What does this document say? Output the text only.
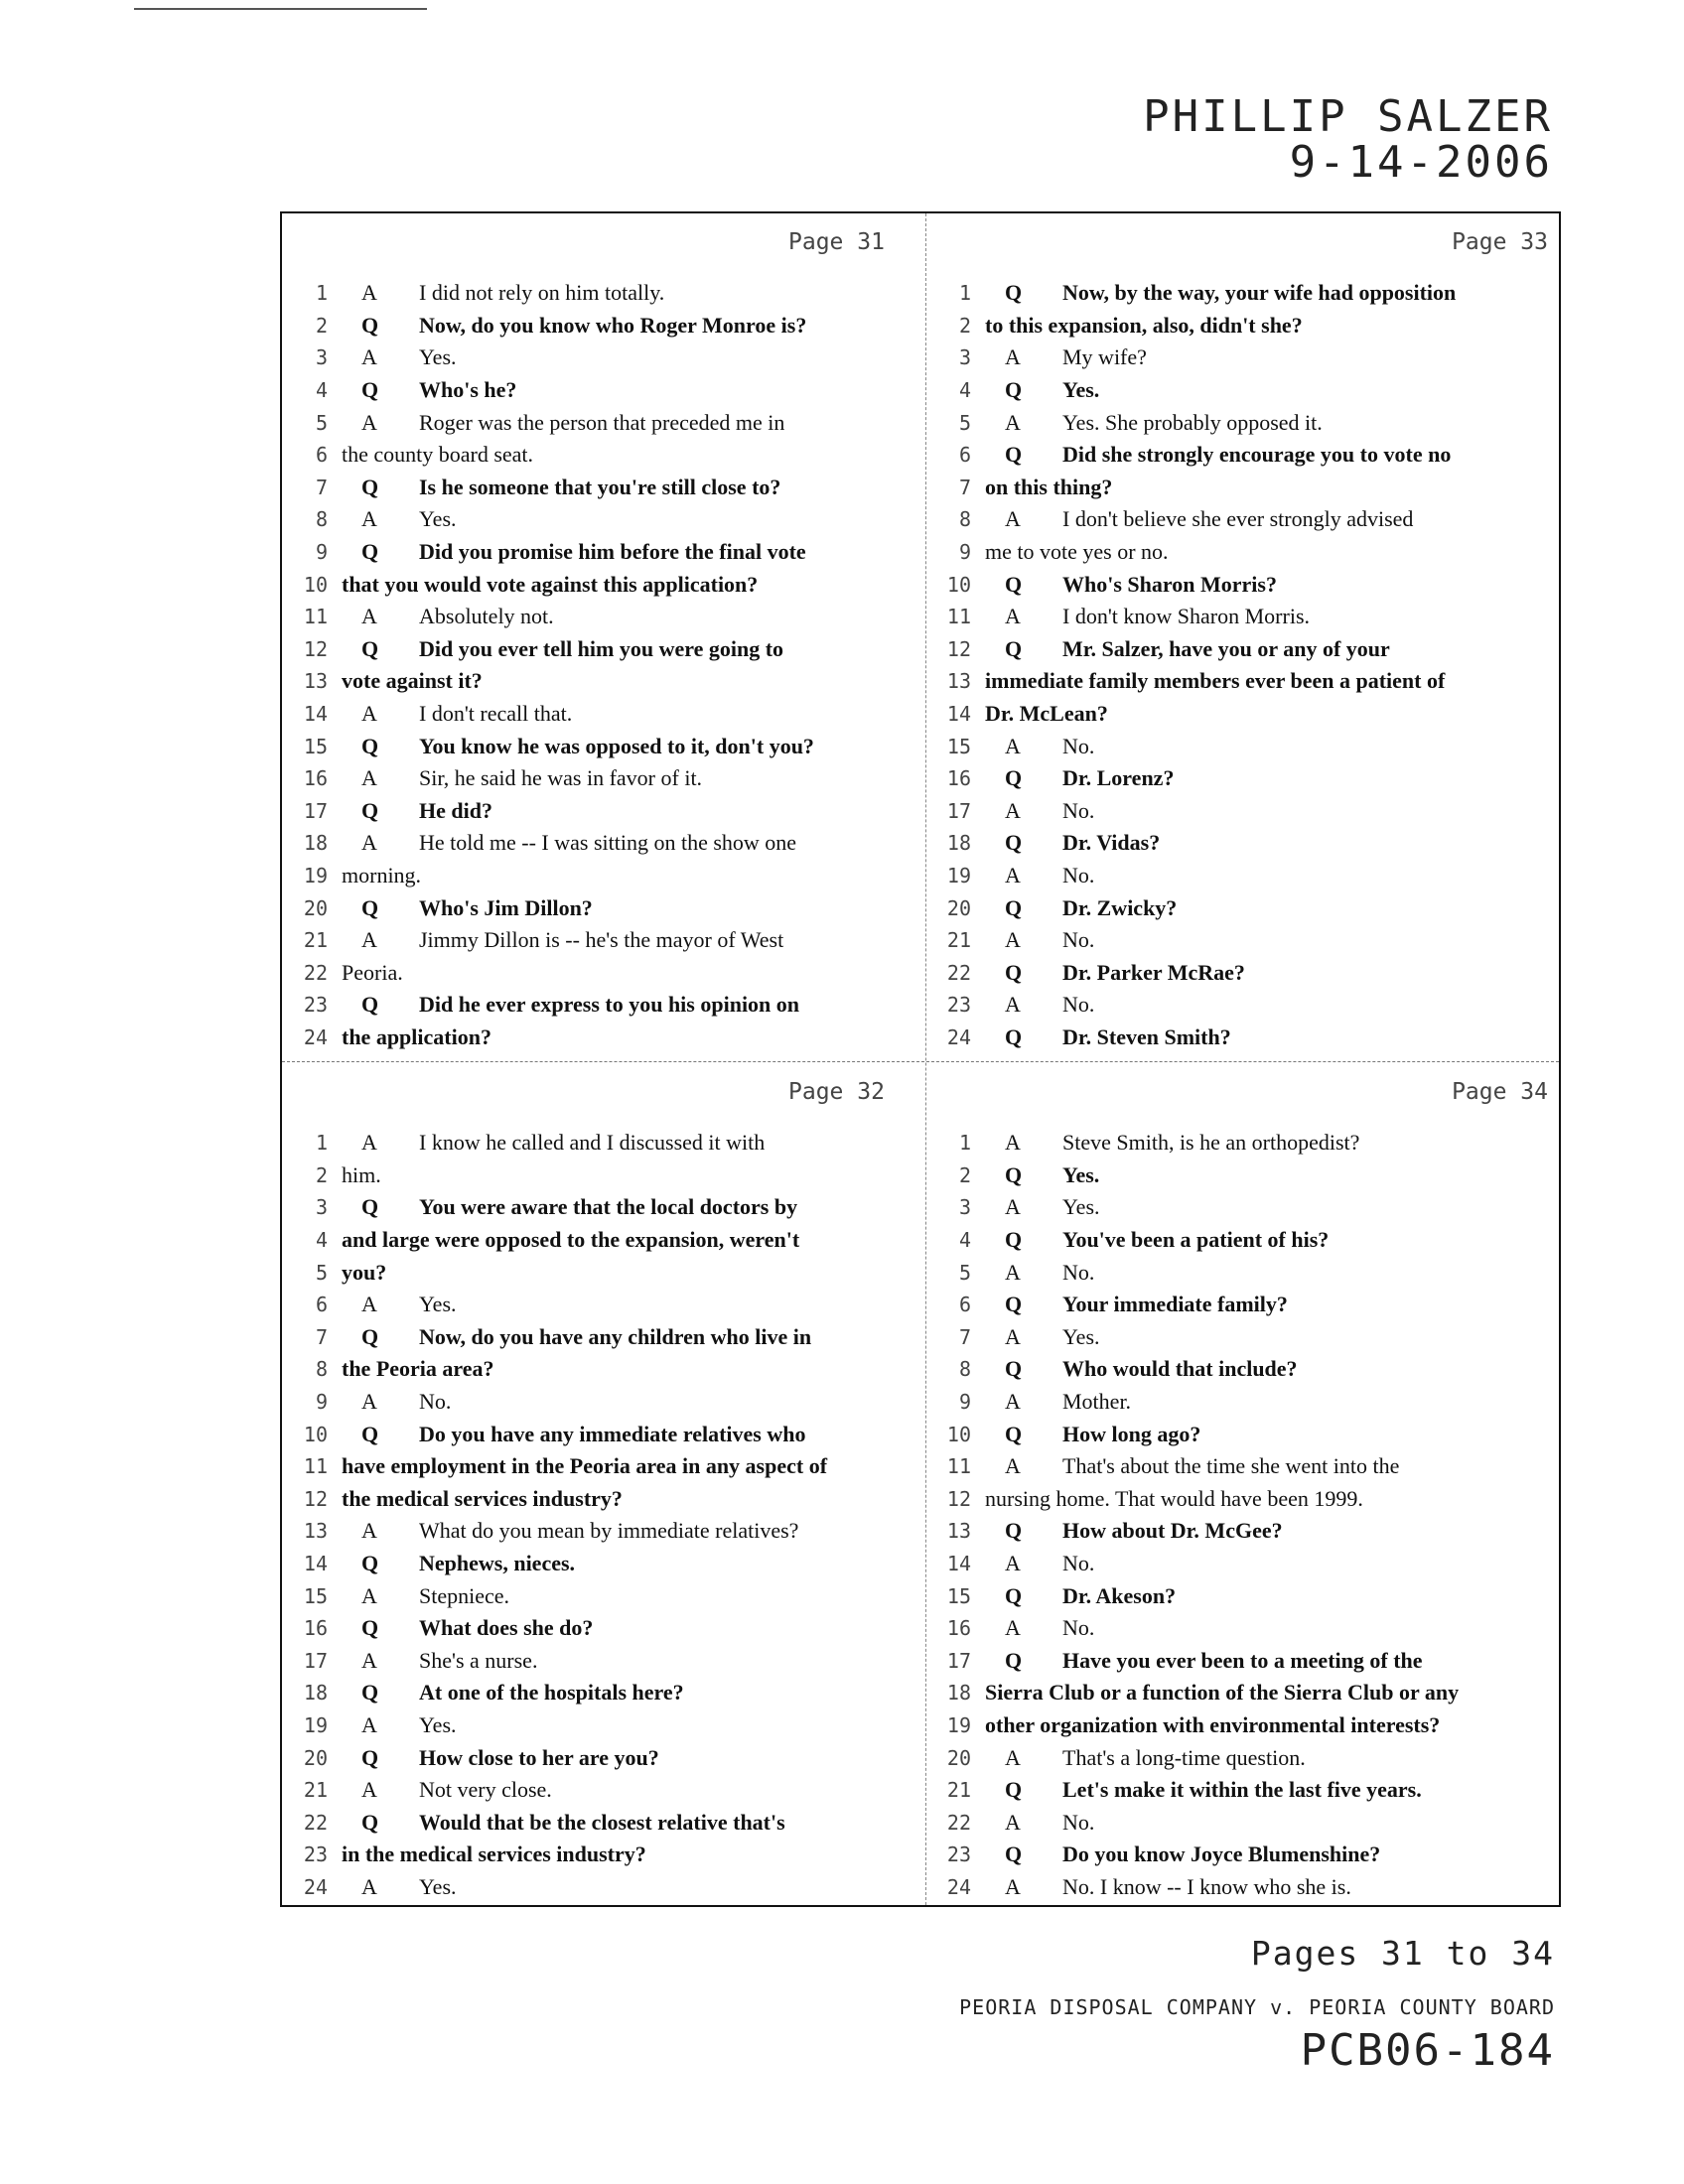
PHILLIP SALZER
9-14-2006
Page 31
1	A	I did not rely on him totally.
2	Q	Now, do you know who Roger Monroe is?
3	A	Yes.
4	Q	Who's he?
5	A	Roger was the person that preceded me in
6 the county board seat.
7	Q	Is he someone that you're still close to?
8	A	Yes.
9	Q	Did you promise him before the final vote
10 that you would vote against this application?
11	A	Absolutely not.
12	Q	Did you ever tell him you were going to
13 vote against it?
14	A	I don't recall that.
15	Q	You know he was opposed to it, don't you?
16	A	Sir, he said he was in favor of it.
17	Q	He did?
18	A	He told me -- I was sitting on the show one
19 morning.
20	Q	Who's Jim Dillon?
21	A	Jimmy Dillon is -- he's the mayor of West
22 Peoria.
23	Q	Did he ever express to you his opinion on
24 the application?
Page 33
1	Q	Now, by the way, your wife had opposition
2 to this expansion, also, didn't she?
3	A	My wife?
4	Q	Yes.
5	A	Yes. She probably opposed it.
6	Q	Did she strongly encourage you to vote no
7 on this thing?
8	A	I don't believe she ever strongly advised
9 me to vote yes or no.
10	Q	Who's Sharon Morris?
11	A	I don't know Sharon Morris.
12	Q	Mr. Salzer, have you or any of your
13 immediate family members ever been a patient of
14 Dr. McLean?
15	A	No.
16	Q	Dr. Lorenz?
17	A	No.
18	Q	Dr. Vidas?
19	A	No.
20	Q	Dr. Zwicky?
21	A	No.
22	Q	Dr. Parker McRae?
23	A	No.
24	Q	Dr. Steven Smith?
Page 32
1	A	I know he called and I discussed it with
2 him.
3	Q	You were aware that the local doctors by
4 and large were opposed to the expansion, weren't
5 you?
6	A	Yes.
7	Q	Now, do you have any children who live in
8 the Peoria area?
9	A	No.
10	Q	Do you have any immediate relatives who
11 have employment in the Peoria area in any aspect of
12 the medical services industry?
13	A	What do you mean by immediate relatives?
14	Q	Nephews, nieces.
15	A	Stepniece.
16	Q	What does she do?
17	A	She's a nurse.
18	Q	At one of the hospitals here?
19	A	Yes.
20	Q	How close to her are you?
21	A	Not very close.
22	Q	Would that be the closest relative that's
23 in the medical services industry?
24	A	Yes.
Page 34
1	A	Steve Smith, is he an orthopedist?
2	Q	Yes.
3	A	Yes.
4	Q	You've been a patient of his?
5	A	No.
6	Q	Your immediate family?
7	A	Yes.
8	Q	Who would that include?
9	A	Mother.
10	Q	How long ago?
11	A	That's about the time she went into the
12 nursing home. That would have been 1999.
13	Q	How about Dr. McGee?
14	A	No.
15	Q	Dr. Akeson?
16	A	No.
17	Q	Have you ever been to a meeting of the
18 Sierra Club or a function of the Sierra Club or any
19 other organization with environmental interests?
20	A	That's a long-time question.
21	Q	Let's make it within the last five years.
22	A	No.
23	Q	Do you know Joyce Blumenshine?
24	A	No. I know -- I know who she is.
Pages 31 to 34
PEORIA DISPOSAL COMPANY v. PEORIA COUNTY BOARD
PCB06-184
